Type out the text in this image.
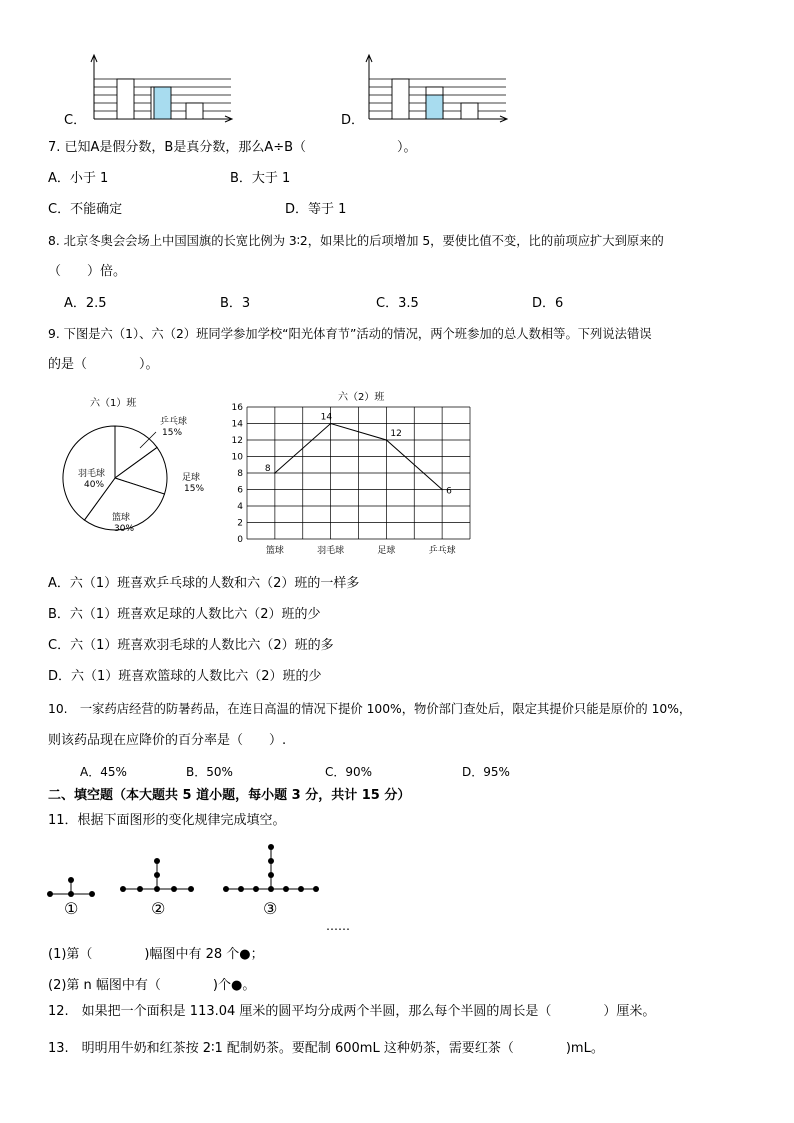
C．	D．
7. 已知A是假分数，B是真分数，那么A÷B（　　　　　　　）。
A．小于 1	B．大于 1
C．不能确定	D．等于 1
8. 北京冬奥会会场上中国国旗的长宽比例为 3∶2，如果比的后项增加 5，要使比值不变，比的前项应扩大到原来的
（　　）倍。
A．2.5	B．3	C．3.5	D．6
9. 下图是六（1）、六（2）班同学参加学校“阳光体育节”活动的情况，两个班参加的总人数相等。下列说法错误
的是（　　　　）。
六（1）班
乒乓球
15%
足球
15%
篮球
30%
羽毛球
40%
六（2）班
0
2
4
6
8
10
12
14
16
8
篮球
14
羽毛球
12
足球
6
乒乓球
A．六（1）班喜欢乒乓球的人数和六（2）班的一样多
B．六（1）班喜欢足球的人数比六（2）班的少
C．六（1）班喜欢羽毛球的人数比六（2）班的多
D．六（1）班喜欢篮球的人数比六（2）班的少
10.　一家药店经营的防暑药品，在连日高温的情况下提价 100%，物价部门查处后，限定其提价只能是原价的 10%，
则该药品现在应降价的百分率是（　　）.
A．45%	B．50%	C．90%	D．95%
二、填空题（本大题共 5 道小题，每小题 3 分，共计 15 分）
11．根据下面图形的变化规律完成填空。
①	②	③
……
(1)第（　　　　)幅图中有 28 个●；
(2)第 n 幅图中有（　　　　)个●。
12.　如果把一个面积是 113.04 厘米的圆平均分成两个半圆，那么每个半圆的周长是（　　　　）厘米。
13.　明明用牛奶和红茶按 2∶1 配制奶茶。要配制 600mL 这种奶茶，需要红茶（　　　　)mL。
